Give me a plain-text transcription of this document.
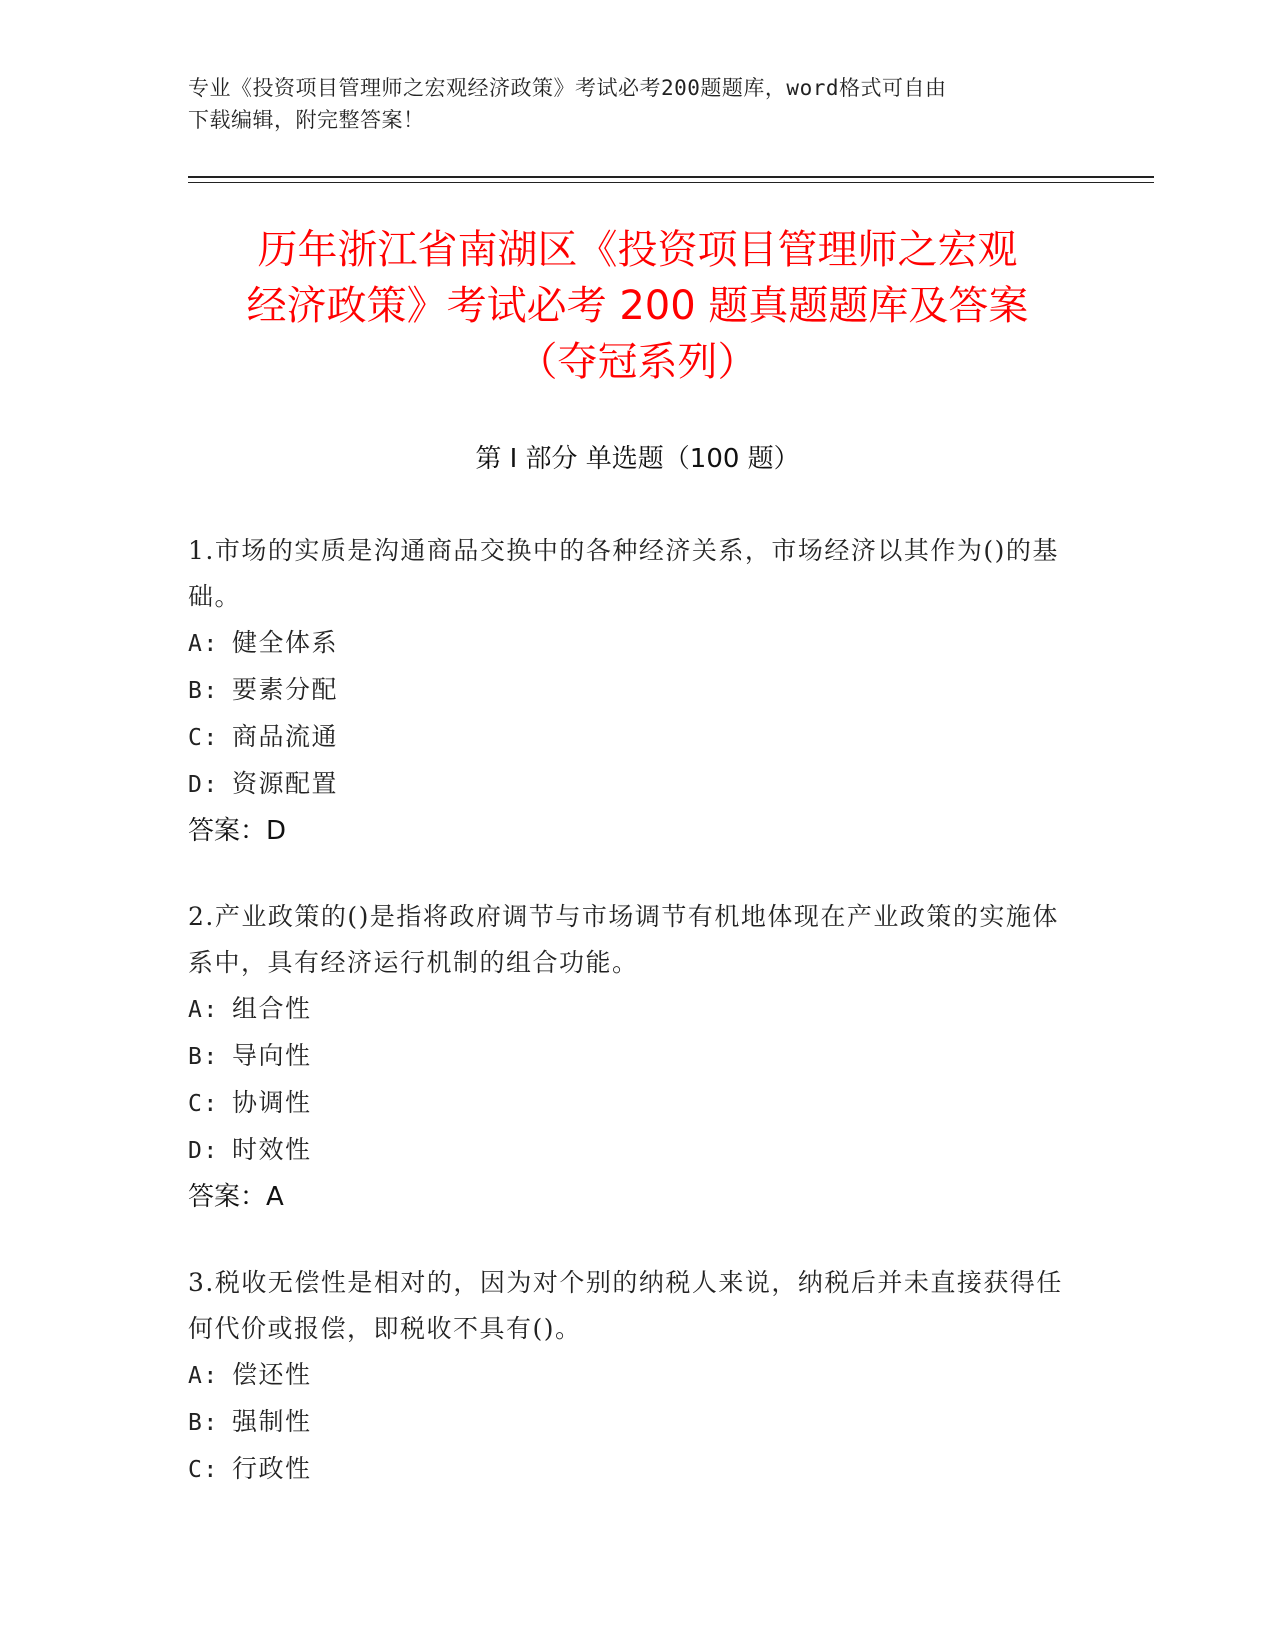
专业《投资项目管理师之宏观经济政策》考试必考200题题库，word格式可自由
下载编辑，附完整答案！
历年浙江省南湖区《投资项目管理师之宏观
经济政策》考试必考 200 题真题题库及答案
（夺冠系列）
第 I 部分 单选题（100 题）
1.市场的实质是沟通商品交换中的各种经济关系，市场经济以其作为()的基础。
A: 健全体系
B: 要素分配
C: 商品流通
D: 资源配置
答案：D
2.产业政策的()是指将政府调节与市场调节有机地体现在产业政策的实施体系中，具有经济运行机制的组合功能。
A: 组合性
B: 导向性
C: 协调性
D: 时效性
答案：A
3.税收无偿性是相对的，因为对个别的纳税人来说，纳税后并未直接获得任何代价或报偿，即税收不具有()。
A: 偿还性
B: 强制性
C: 行政性
